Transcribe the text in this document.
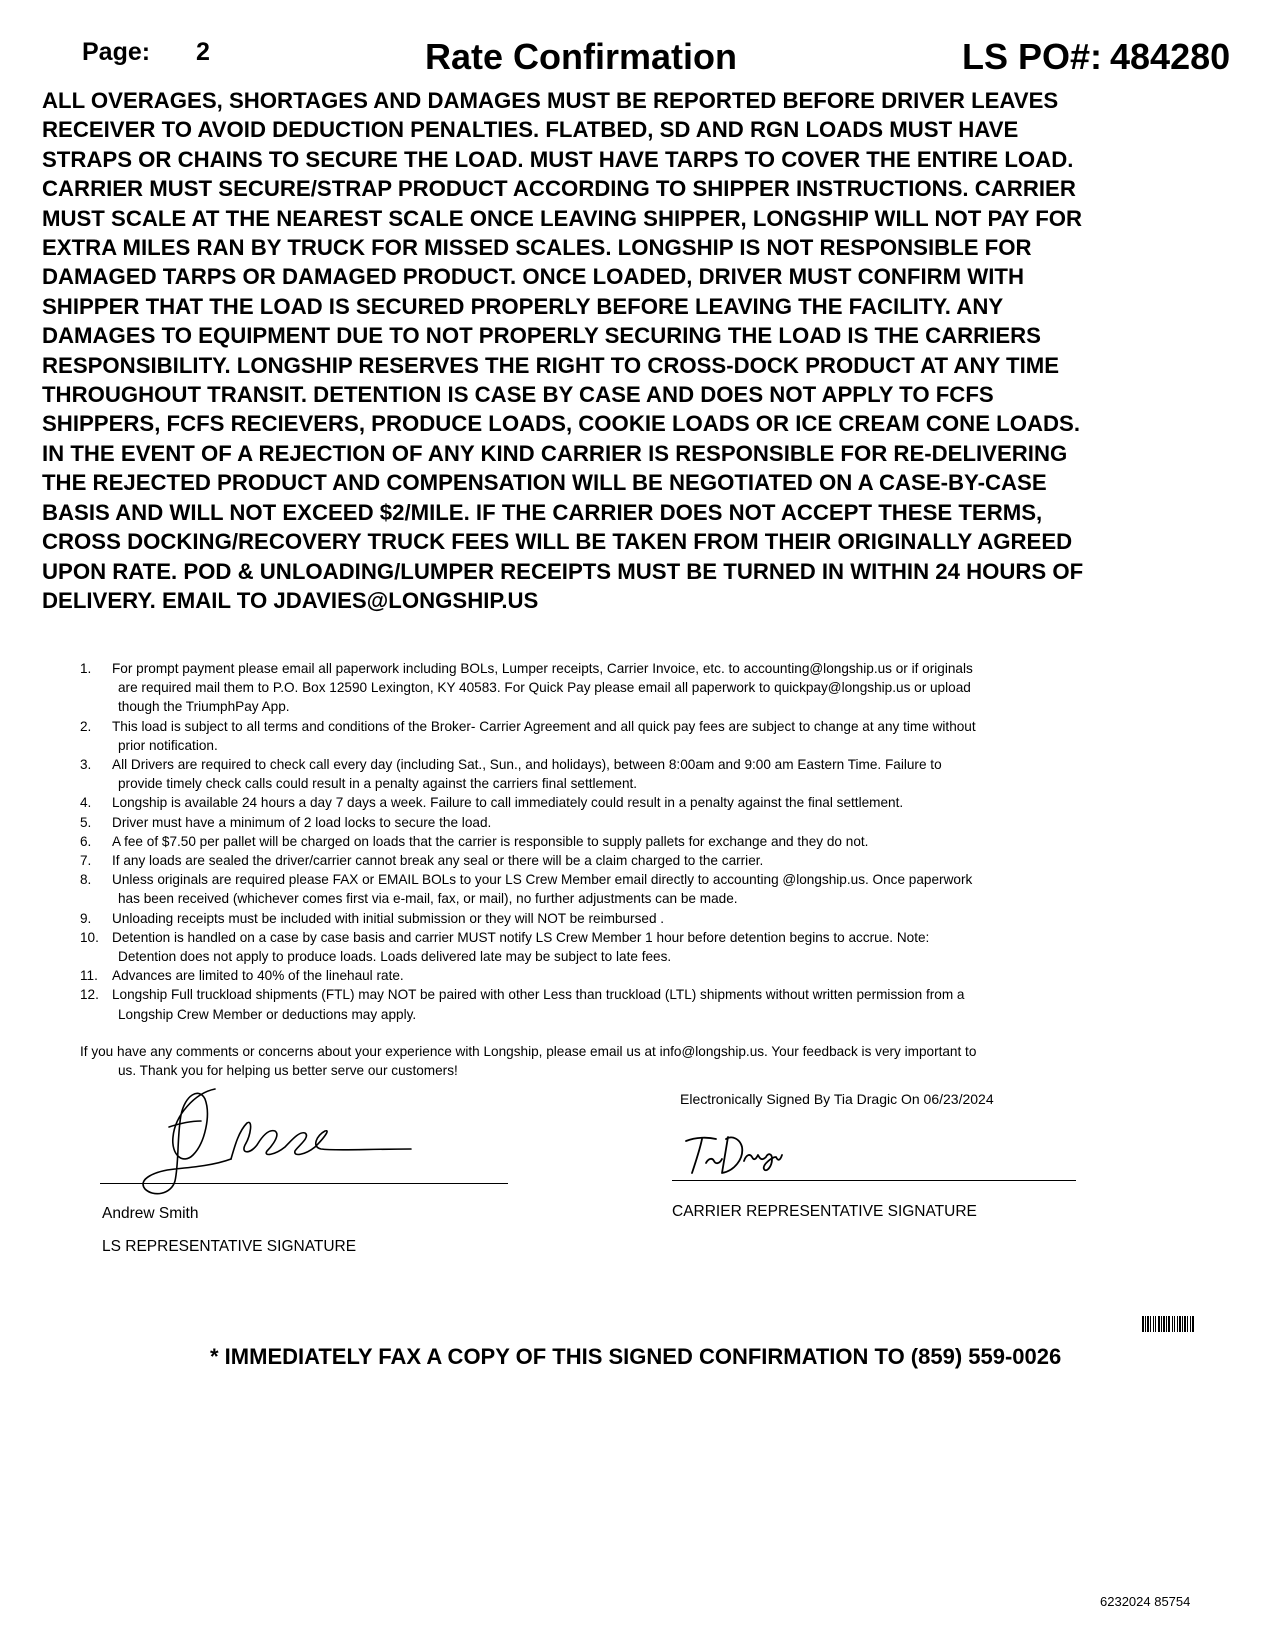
Page: 2	Rate Confirmation	LS PO#: 484280
ALL OVERAGES, SHORTAGES AND DAMAGES MUST BE REPORTED BEFORE DRIVER LEAVES
RECEIVER TO AVOID DEDUCTION PENALTIES. FLATBED, SD AND RGN LOADS MUST HAVE
STRAPS OR CHAINS TO SECURE THE LOAD. MUST HAVE TARPS TO COVER THE ENTIRE LOAD.
CARRIER MUST SECURE/STRAP PRODUCT ACCORDING TO SHIPPER INSTRUCTIONS. CARRIER
MUST SCALE AT THE NEAREST SCALE ONCE LEAVING SHIPPER, LONGSHIP WILL NOT PAY FOR
EXTRA MILES RAN BY TRUCK FOR MISSED SCALES. LONGSHIP IS NOT RESPONSIBLE FOR
DAMAGED TARPS OR DAMAGED PRODUCT. ONCE LOADED, DRIVER MUST CONFIRM WITH
SHIPPER THAT THE LOAD IS SECURED PROPERLY BEFORE LEAVING THE FACILITY. ANY
DAMAGES TO EQUIPMENT DUE TO NOT PROPERLY SECURING THE LOAD IS THE CARRIERS
RESPONSIBILITY. LONGSHIP RESERVES THE RIGHT TO CROSS-DOCK PRODUCT AT ANY TIME
THROUGHOUT TRANSIT. DETENTION IS CASE BY CASE AND DOES NOT APPLY TO FCFS
SHIPPERS, FCFS RECIEVERS, PRODUCE LOADS, COOKIE LOADS OR ICE CREAM CONE LOADS.
IN THE EVENT OF A REJECTION OF ANY KIND CARRIER IS RESPONSIBLE FOR RE-DELIVERING
THE REJECTED PRODUCT AND COMPENSATION WILL BE NEGOTIATED ON A CASE-BY-CASE
BASIS AND WILL NOT EXCEED $2/MILE. IF THE CARRIER DOES NOT ACCEPT THESE TERMS,
CROSS DOCKING/RECOVERY TRUCK FEES WILL BE TAKEN FROM THEIR ORIGINALLY AGREED
UPON RATE. POD & UNLOADING/LUMPER RECEIPTS MUST BE TURNED IN WITHIN 24 HOURS OF
DELIVERY. EMAIL TO JDAVIES@LONGSHIP.US
1. For prompt payment please email all paperwork including BOLs, Lumper receipts, Carrier Invoice, etc. to accounting@longship.us or if originals
are required mail them to P.O. Box 12590 Lexington, KY 40583. For Quick Pay please email all paperwork to quickpay@longship.us or upload
though the TriumphPay App.
2. This load is subject to all terms and conditions of the Broker- Carrier Agreement and all quick pay fees are subject to change at any time without
prior notification.
3. All Drivers are required to check call every day (including Sat., Sun., and holidays), between 8:00am and 9:00 am Eastern Time. Failure to
provide timely check calls could result in a penalty against the carriers final settlement.
4. Longship is available 24 hours a day 7 days a week. Failure to call immediately could result in a penalty against the final settlement.
5. Driver must have a minimum of 2 load locks to secure the load.
6. A fee of $7.50 per pallet will be charged on loads that the carrier is responsible to supply pallets for exchange and they do not.
7. If any loads are sealed the driver/carrier cannot break any seal or there will be a claim charged to the carrier.
8. Unless originals are required please FAX or EMAIL BOLs to your LS Crew Member email directly to accounting @longship.us. Once paperwork
has been received (whichever comes first via e-mail, fax, or mail), no further adjustments can be made.
9. Unloading receipts must be included with initial submission or they will NOT be reimbursed .
10. Detention is handled on a case by case basis and carrier MUST notify LS Crew Member 1 hour before detention begins to accrue. Note:
Detention does not apply to produce loads. Loads delivered late may be subject to late fees.
11. Advances are limited to 40% of the linehaul rate.
12. Longship Full truckload shipments (FTL) may NOT be paired with other Less than truckload (LTL) shipments without written permission from a
Longship Crew Member or deductions may apply.
If you have any comments or concerns about your experience with Longship, please email us at info@longship.us. Your feedback is very important to
us. Thank you for helping us better serve our customers!
Electronically Signed By Tia Dragic On 06/23/2024
Andrew Smith
LS REPRESENTATIVE SIGNATURE
CARRIER REPRESENTATIVE SIGNATURE
* IMMEDIATELY FAX A COPY OF THIS SIGNED CONFIRMATION TO (859) 559-0026
6232024 85754
